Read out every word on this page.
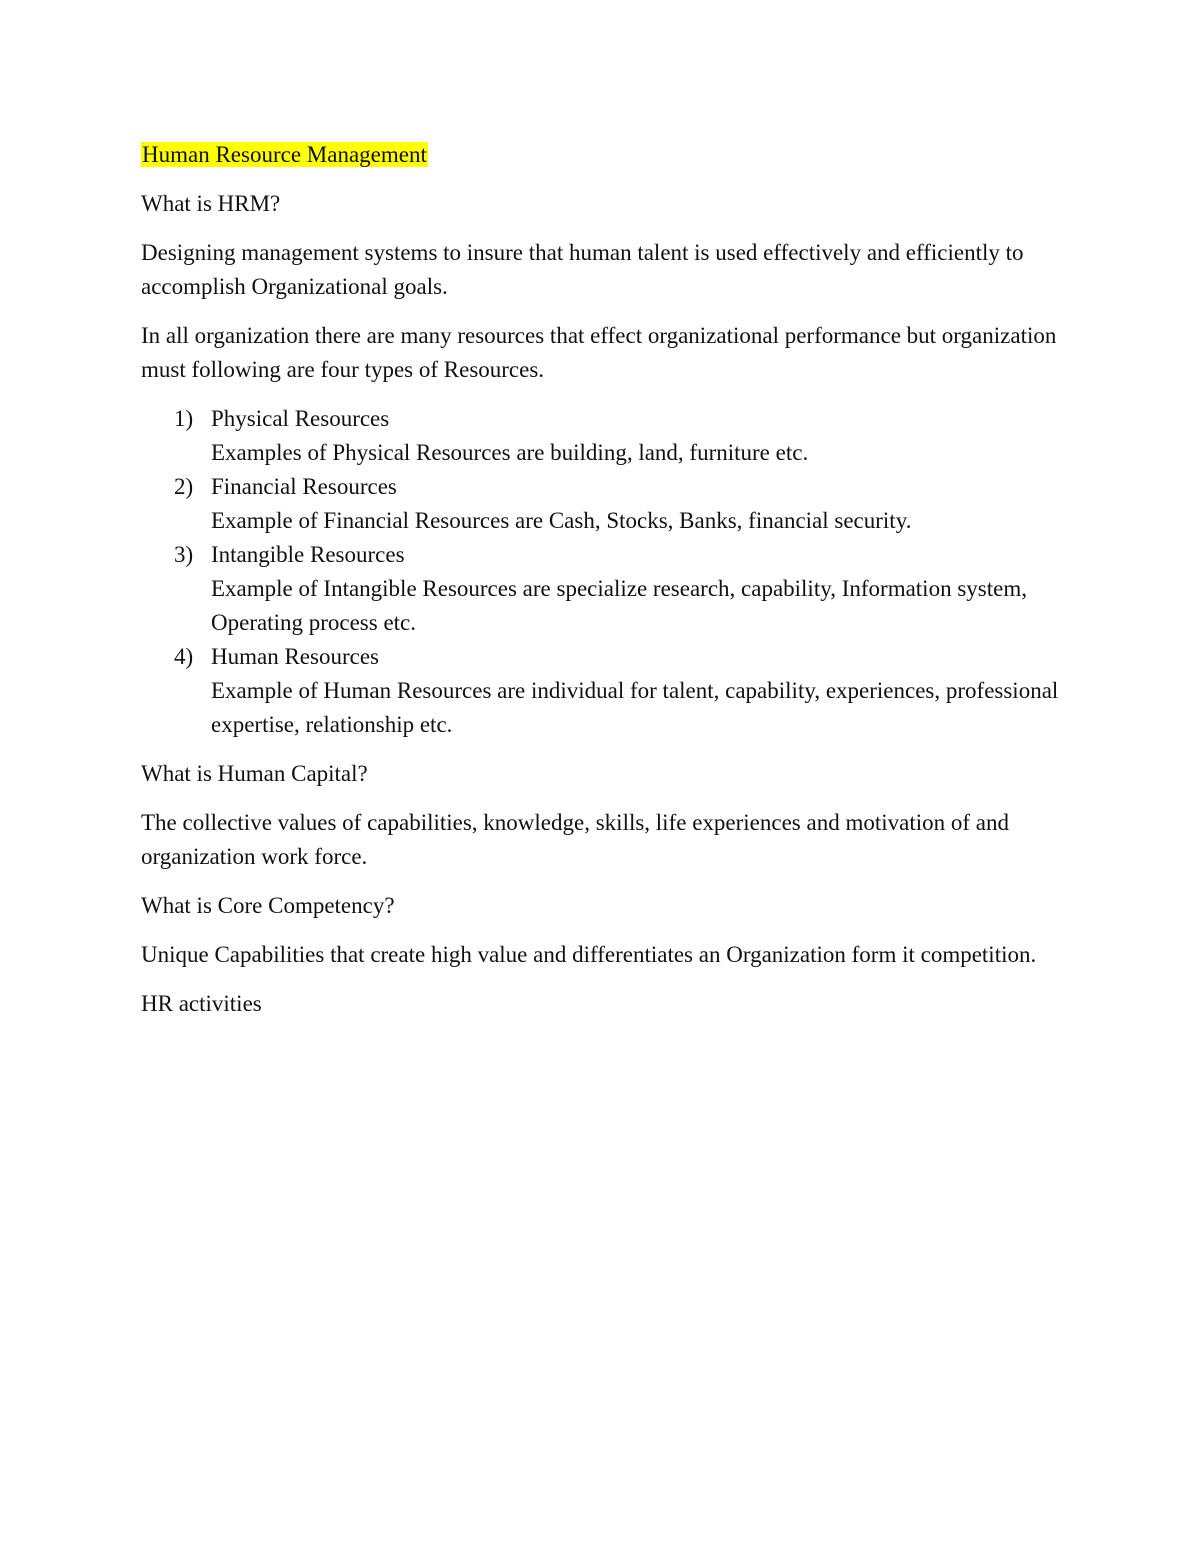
Human Resource Management

What is HRM?

Designing management systems to insure that human talent is used effectively and efficiently to accomplish Organizational goals.

In all organization there are many resources that effect organizational performance but organization must following are four types of Resources.

1) Physical Resources
Examples of Physical Resources are building, land, furniture etc.
2) Financial Resources
Example of Financial Resources are Cash, Stocks, Banks, financial security.
3) Intangible Resources
Example of Intangible Resources are specialize research, capability, Information system, Operating process etc.
4) Human Resources
Example of Human Resources are individual for talent, capability, experiences, professional expertise, relationship etc.

What is Human Capital?

The collective values of capabilities, knowledge, skills, life experiences and motivation of and organization work force.

What is Core Competency?

Unique Capabilities that create high value and differentiates an Organization form it competition.

HR activities
